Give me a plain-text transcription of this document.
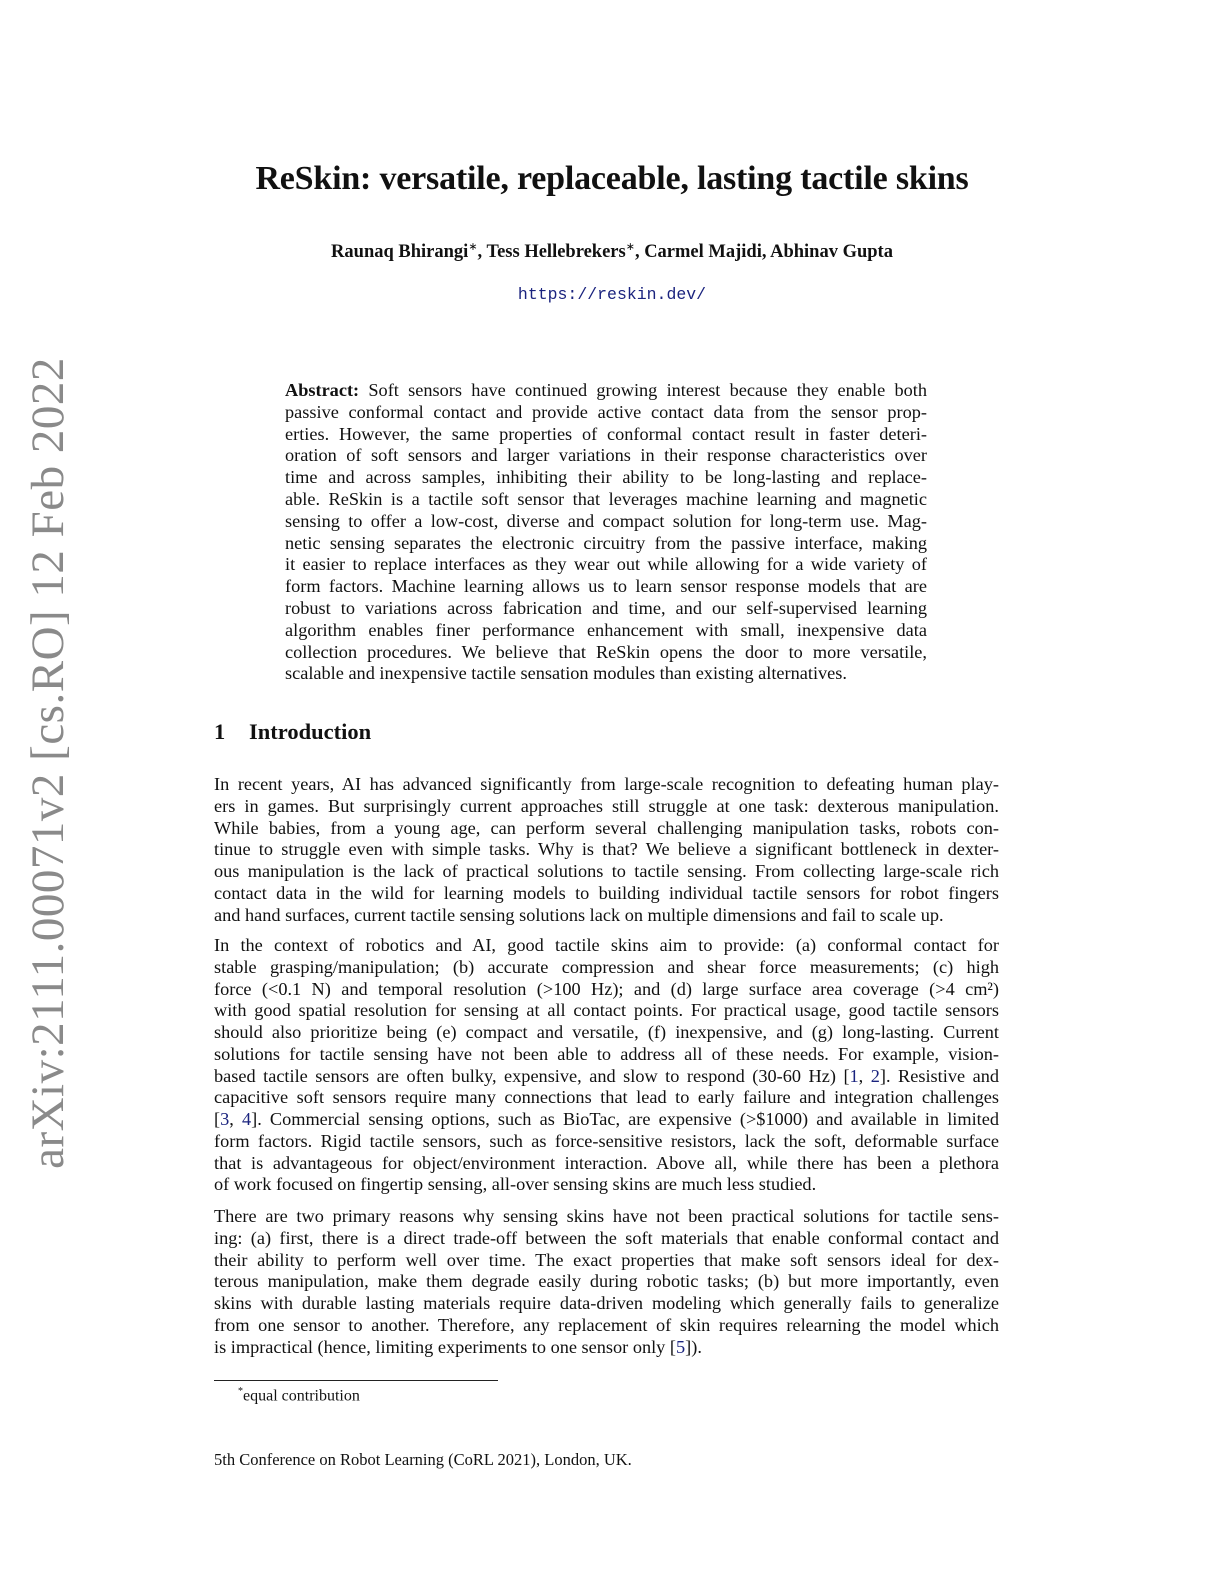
arXiv:2111.00071v2 [cs.RO] 12 Feb 2022
ReSkin: versatile, replaceable, lasting tactile skins
Raunaq Bhirangi∗, Tess Hellebrekers∗, Carmel Majidi, Abhinav Gupta
https://reskin.dev/
Abstract: Soft sensors have continued growing interest because they enable both
passive conformal contact and provide active contact data from the sensor prop-
erties. However, the same properties of conformal contact result in faster deteri-
oration of soft sensors and larger variations in their response characteristics over
time and across samples, inhibiting their ability to be long-lasting and replace-
able. ReSkin is a tactile soft sensor that leverages machine learning and magnetic
sensing to offer a low-cost, diverse and compact solution for long-term use. Mag-
netic sensing separates the electronic circuitry from the passive interface, making
it easier to replace interfaces as they wear out while allowing for a wide variety of
form factors. Machine learning allows us to learn sensor response models that are
robust to variations across fabrication and time, and our self-supervised learning
algorithm enables finer performance enhancement with small, inexpensive data
collection procedures. We believe that ReSkin opens the door to more versatile,
scalable and inexpensive tactile sensation modules than existing alternatives.
1 Introduction
In recent years, AI has advanced significantly from large-scale recognition to defeating human play-
ers in games. But surprisingly current approaches still struggle at one task: dexterous manipulation.
While babies, from a young age, can perform several challenging manipulation tasks, robots con-
tinue to struggle even with simple tasks. Why is that? We believe a significant bottleneck in dexter-
ous manipulation is the lack of practical solutions to tactile sensing. From collecting large-scale rich
contact data in the wild for learning models to building individual tactile sensors for robot fingers
and hand surfaces, current tactile sensing solutions lack on multiple dimensions and fail to scale up.
In the context of robotics and AI, good tactile skins aim to provide: (a) conformal contact for
stable grasping/manipulation; (b) accurate compression and shear force measurements; (c) high
force (<0.1 N) and temporal resolution (>100 Hz); and (d) large surface area coverage (>4 cm²)
with good spatial resolution for sensing at all contact points. For practical usage, good tactile sensors
should also prioritize being (e) compact and versatile, (f) inexpensive, and (g) long-lasting. Current
solutions for tactile sensing have not been able to address all of these needs. For example, vision-
based tactile sensors are often bulky, expensive, and slow to respond (30-60 Hz) [1, 2]. Resistive and
capacitive soft sensors require many connections that lead to early failure and integration challenges
[3, 4]. Commercial sensing options, such as BioTac, are expensive (>$1000) and available in limited
form factors. Rigid tactile sensors, such as force-sensitive resistors, lack the soft, deformable surface
that is advantageous for object/environment interaction. Above all, while there has been a plethora
of work focused on fingertip sensing, all-over sensing skins are much less studied.
There are two primary reasons why sensing skins have not been practical solutions for tactile sens-
ing: (a) first, there is a direct trade-off between the soft materials that enable conformal contact and
their ability to perform well over time. The exact properties that make soft sensors ideal for dex-
terous manipulation, make them degrade easily during robotic tasks; (b) but more importantly, even
skins with durable lasting materials require data-driven modeling which generally fails to generalize
from one sensor to another. Therefore, any replacement of skin requires relearning the model which
is impractical (hence, limiting experiments to one sensor only [5]).
*equal contribution
5th Conference on Robot Learning (CoRL 2021), London, UK.
